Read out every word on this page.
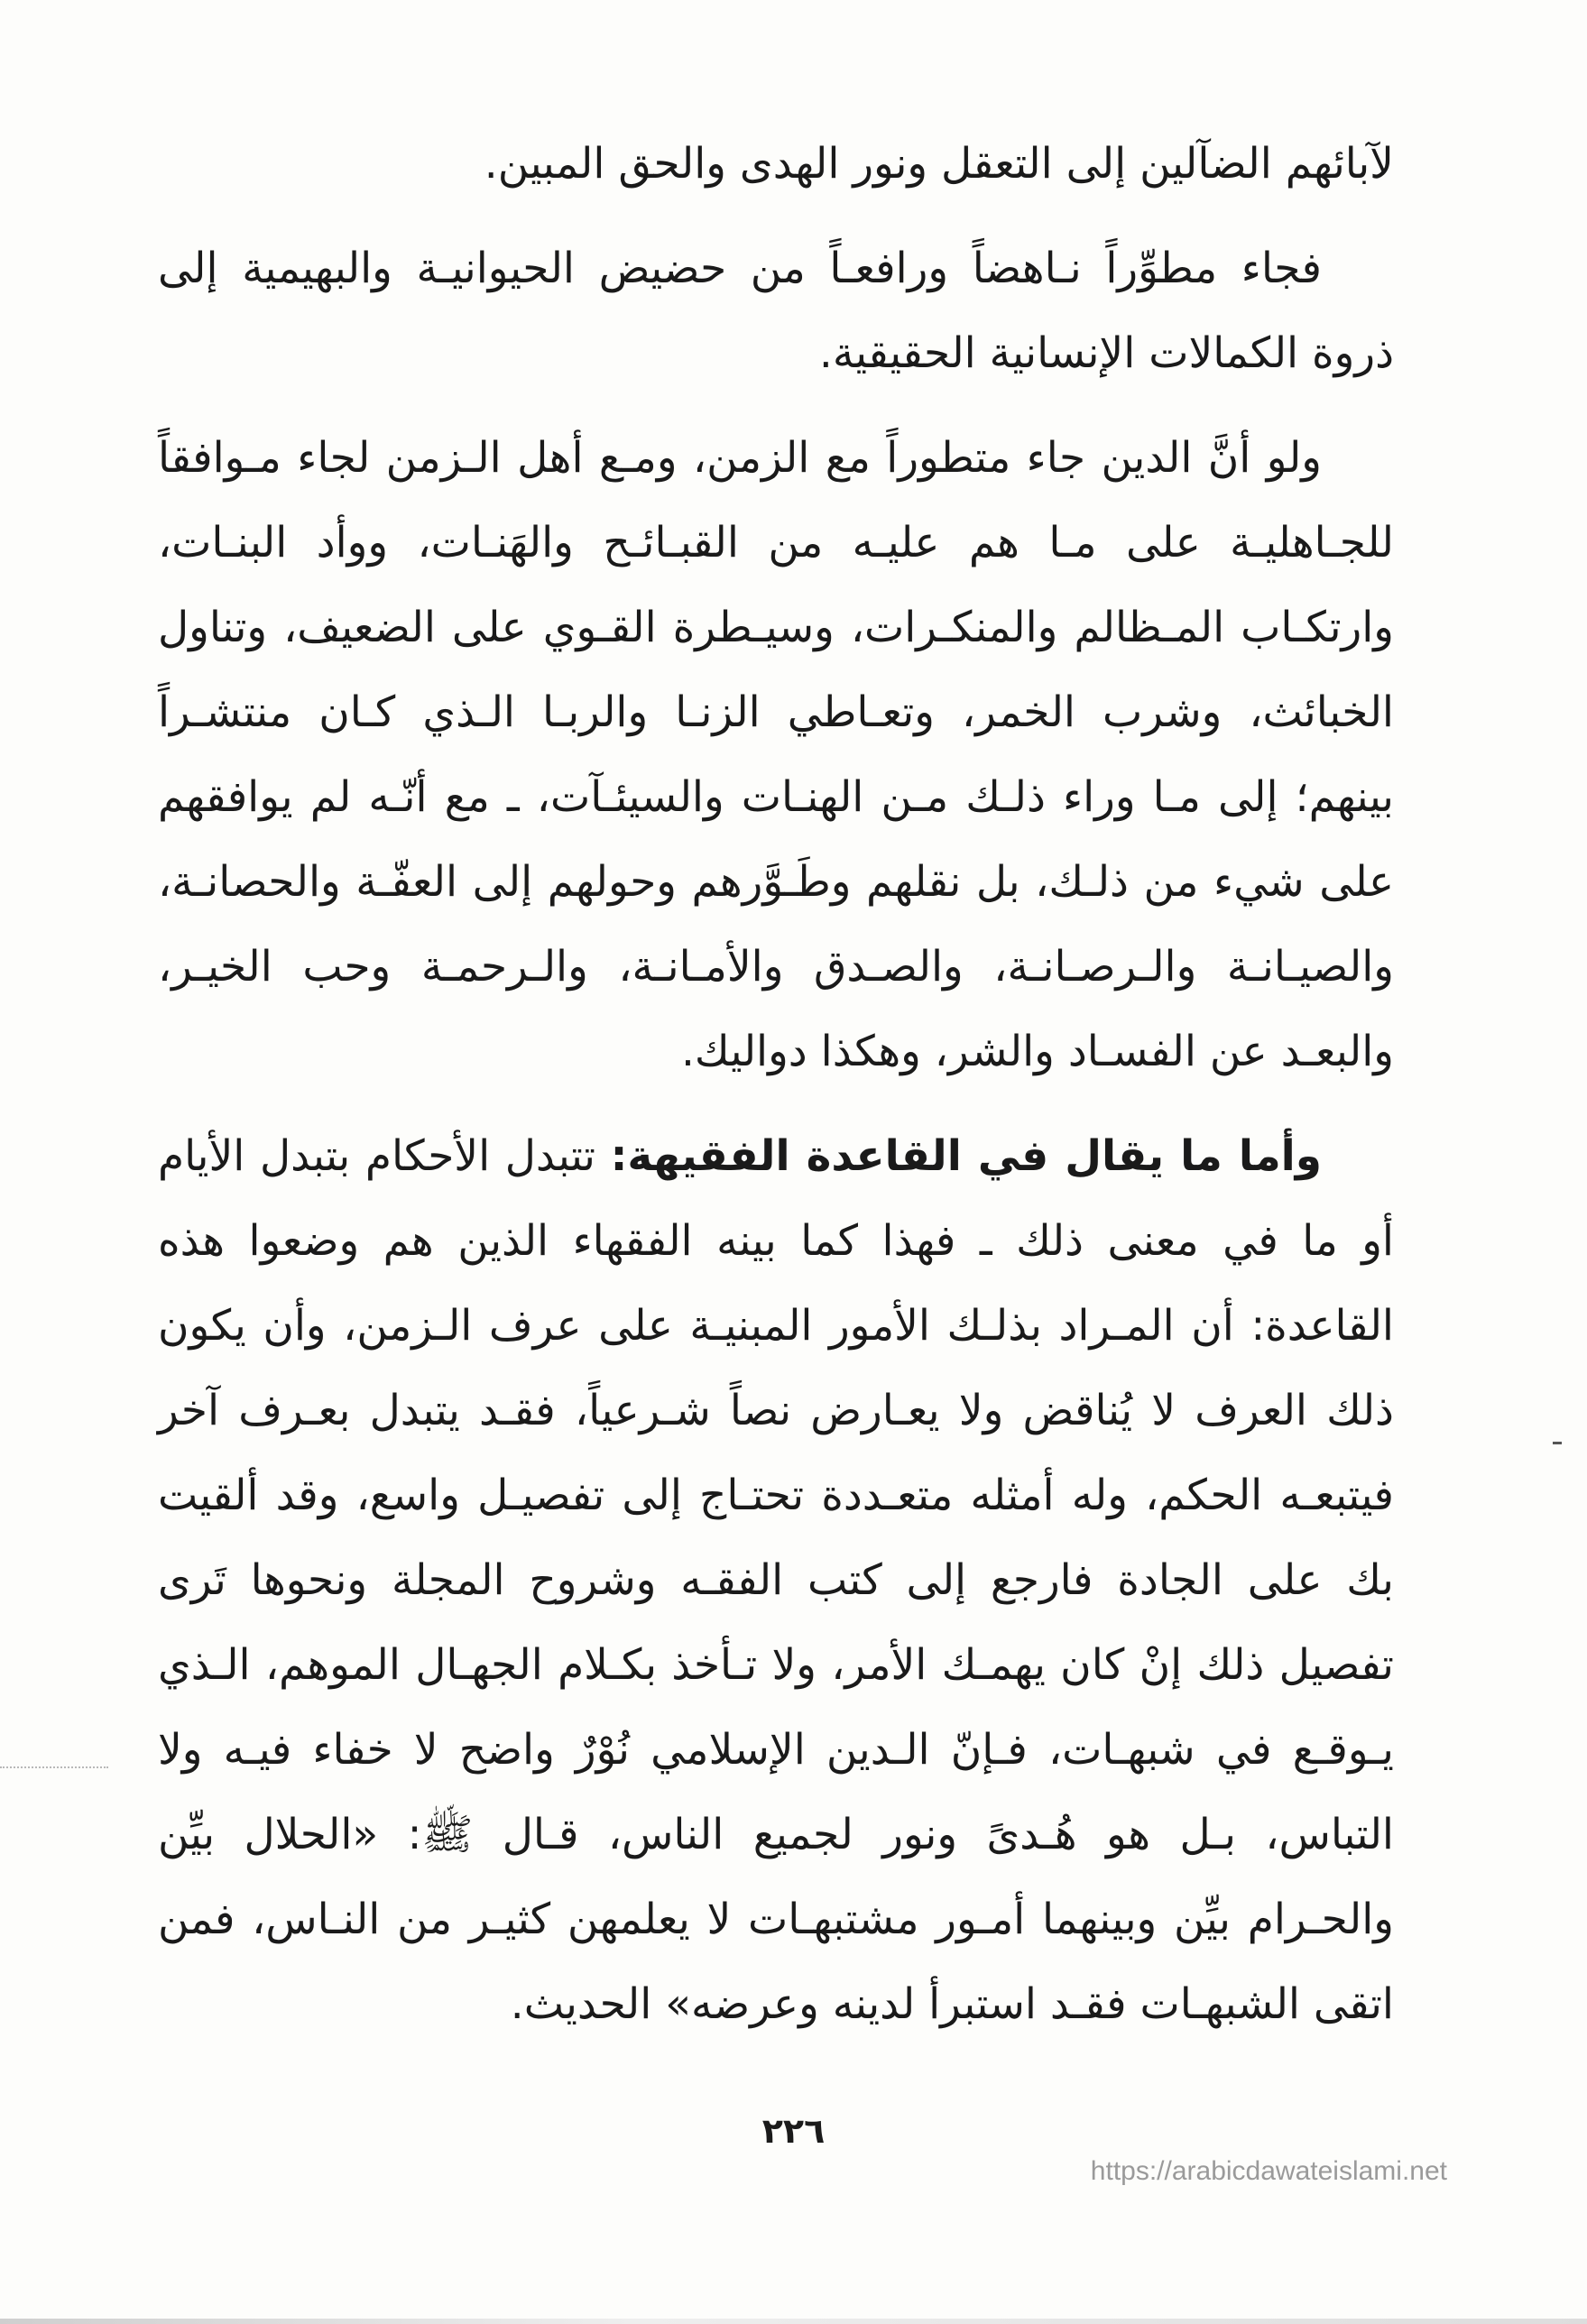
لآبائهم الضآلين إلى التعقل ونور الهدى والحق المبين.

فجاء مطوِّراً نـاهضاً ورافعـاً من حضيض الحيوانيـة والبهيمية إلى ذروة الكمالات الإنسانية الحقيقية.

ولو أنَّ الدين جاء متطوراً مع الزمن، ومـع أهل الـزمن لجاء مـوافقاً للجـاهليـة على مـا هم عليـه من القبـائـح والهَنـات، ووأد البنـات، وارتكـاب المـظالم والمنكـرات، وسيـطرة القـوي على الضعيف، وتناول الخبائث، وشرب الخمر، وتعـاطي الزنـا والربـا الـذي كـان منتشـراً بينهم؛ إلى مـا وراء ذلـك مـن الهنـات والسيئـآت، ـ مع أنّـه لم يوافقهم على شيء من ذلـك، بل نقلهم وطَـوَّرهم وحولهم إلى العفّـة والحصانـة، والصيـانـة والـرصـانـة، والصـدق والأمـانـة، والـرحمـة وحب الخيـر، والبعـد عن الفسـاد والشر، وهكذا دواليك.

وأما ما يقال في القاعدة الفقيهة: تتبدل الأحكام بتبدل الأيام أو ما في معنى ذلك ـ فهذا كما بينه الفقهاء الذين هم وضعوا هذه القاعدة: أن المـراد بذلـك الأمور المبنيـة على عرف الـزمن، وأن يكون ذلك العرف لا يُناقض ولا يعـارض نصاً شـرعياً، فقـد يتبدل بعـرف آخر فيتبعـه الحكم، وله أمثله متعـددة تحتـاج إلى تفصيـل واسع، وقد ألقيت بك على الجادة فارجع إلى كتب الفقـه وشروح المجلة ونحوها تَرى تفصيل ذلك إنْ كان يهمـك الأمر، ولا تـأخذ بكـلام الجهـال الموهم، الـذي يـوقـع في شبهـات، فـإنّ الـدين الإسلامي نُوْرٌ واضح لا خفاء فيـه ولا التباس، بـل هو هُـدىً ونور لجميع الناس، قـال ﷺ: «الحلال بيِّن والحـرام بيِّن وبينهما أمـور مشتبهـات لا يعلمهن كثيـر من النـاس، فمن اتقى الشبهـات فقـد استبرأ لدينه وعرضه» الحديث.

٢٢٦
https://arabicdawateislami.net
